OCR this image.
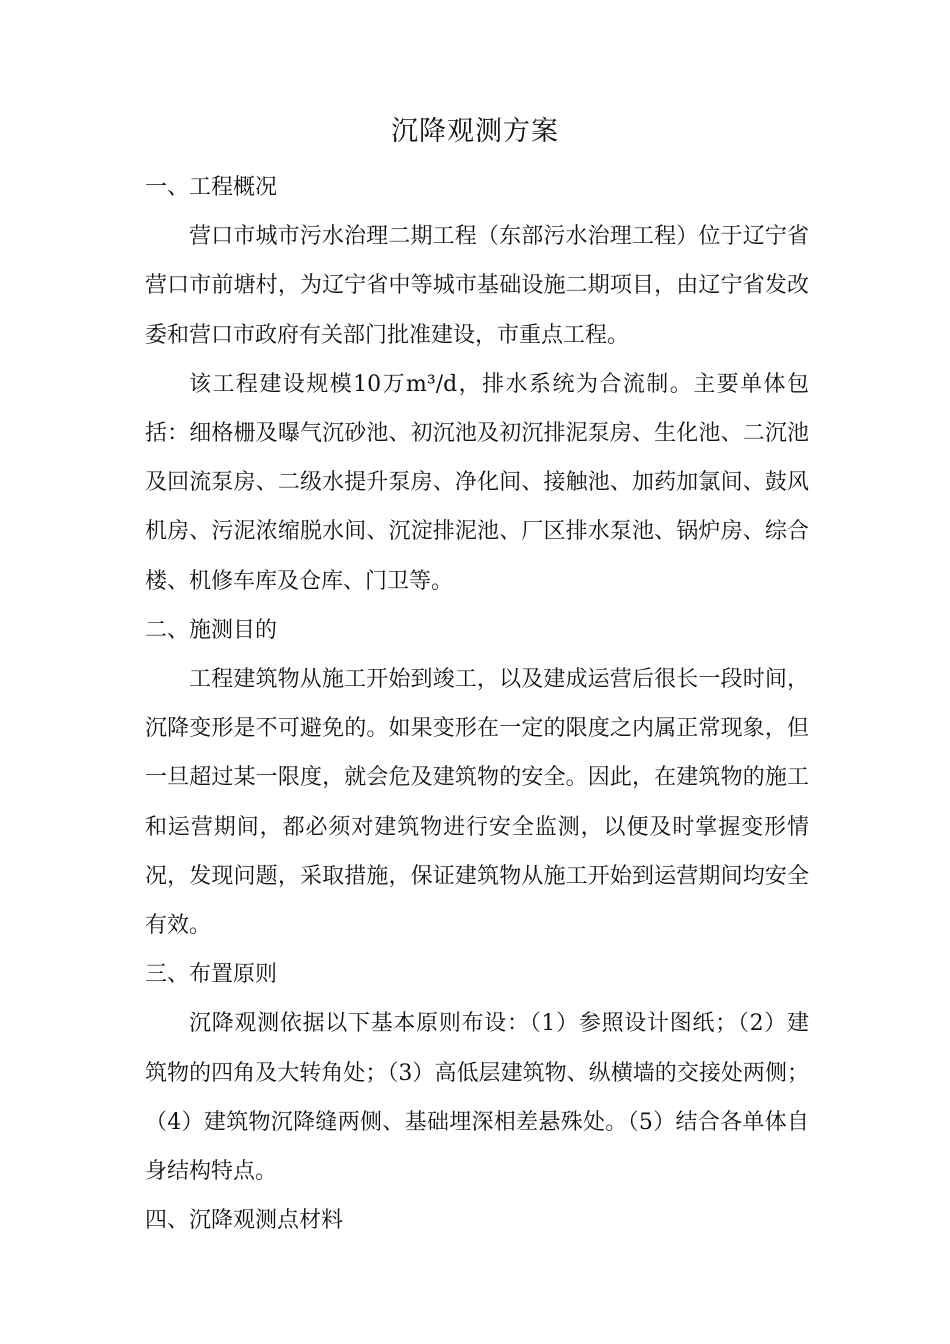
沉降观测方案
一、工程概况
营口市城市污水治理二期工程（东部污水治理工程）位于辽宁省营口市前塘村，为辽宁省中等城市基础设施二期项目，由辽宁省发改委和营口市政府有关部门批准建设，市重点工程。
该工程建设规模10万m³/d，排水系统为合流制。主要单体包括：细格栅及曝气沉砂池、初沉池及初沉排泥泵房、生化池、二沉池及回流泵房、二级水提升泵房、净化间、接触池、加药加氯间、鼓风机房、污泥浓缩脱水间、沉淀排泥池、厂区排水泵池、锅炉房、综合楼、机修车库及仓库、门卫等。
二、施测目的
工程建筑物从施工开始到竣工，以及建成运营后很长一段时间，沉降变形是不可避免的。如果变形在一定的限度之内属正常现象，但一旦超过某一限度，就会危及建筑物的安全。因此，在建筑物的施工和运营期间，都必须对建筑物进行安全监测，以便及时掌握变形情况，发现问题，采取措施，保证建筑物从施工开始到运营期间均安全有效。
三、布置原则
沉降观测依据以下基本原则布设：（1）参照设计图纸；（2）建筑物的四角及大转角处；（3）高低层建筑物、纵横墙的交接处两侧；（4）建筑物沉降缝两侧、基础埋深相差悬殊处。（5）结合各单体自身结构特点。
四、沉降观测点材料
